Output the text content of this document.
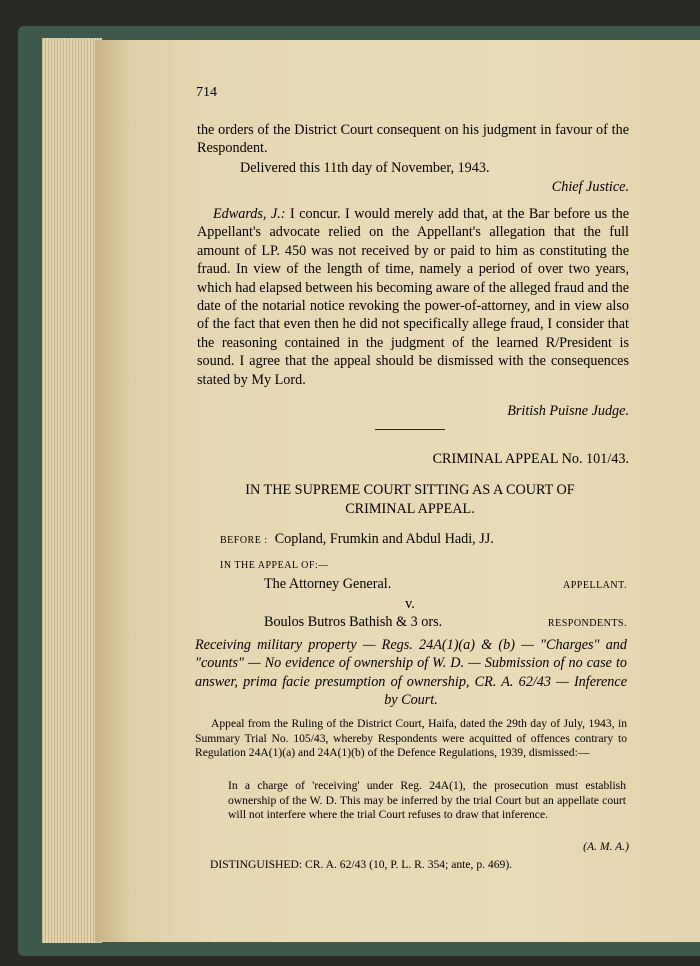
714

the orders of the District Court consequent on his judgment in favour of the Respondent.

Delivered this 11th day of November, 1943.
Chief Justice.

Edwards, J.: I concur. I would merely add that, at the Bar before us the Appellant's advocate relied on the Appellant's allegation that the full amount of LP. 450 was not received by or paid to him as constituting the fraud. In view of the length of time, namely a period of over two years, which had elapsed between his becoming aware of the alleged fraud and the date of the notarial notice revoking the power-of-attorney, and in view also of the fact that even then he did not specifically allege fraud, I consider that the reasoning contained in the judgment of the learned R/President is sound. I agree that the appeal should be dismissed with the consequences stated by My Lord.

British Puisne Judge.
CRIMINAL APPEAL No. 101/43.
IN THE SUPREME COURT SITTING AS A COURT OF
CRIMINAL APPEAL.
BEFORE : Copland, Frumkin and Abdul Hadi, JJ.
IN THE APPEAL OF:—
The Attorney General.	APPELLANT.
v.
Boulos Butros Bathish & 3 ors.	RESPONDENTS.

Receiving military property — Regs. 24A(1)(a) & (b) — "Charges" and "counts" — No evidence of ownership of W. D. — Submission of no case to answer, prima facie presumption of ownership, CR. A. 62/43 — Inference by Court.

Appeal from the Ruling of the District Court, Haifa, dated the 29th day of July, 1943, in Summary Trial No. 105/43, whereby Respondents were acquitted of offences contrary to Regulation 24A(1)(a) and 24A(1)(b) of the Defence Regulations, 1939, dismissed:—

In a charge of 'receiving' under Reg. 24A(1), the prosecution must establish ownership of the W. D. This may be inferred by the trial Court but an appellate court will not interfere where the trial Court refuses to draw that inference.

(A. M. A.)
DISTINGUISHED: CR. A. 62/43 (10, P. L. R. 354; ante, p. 469).
